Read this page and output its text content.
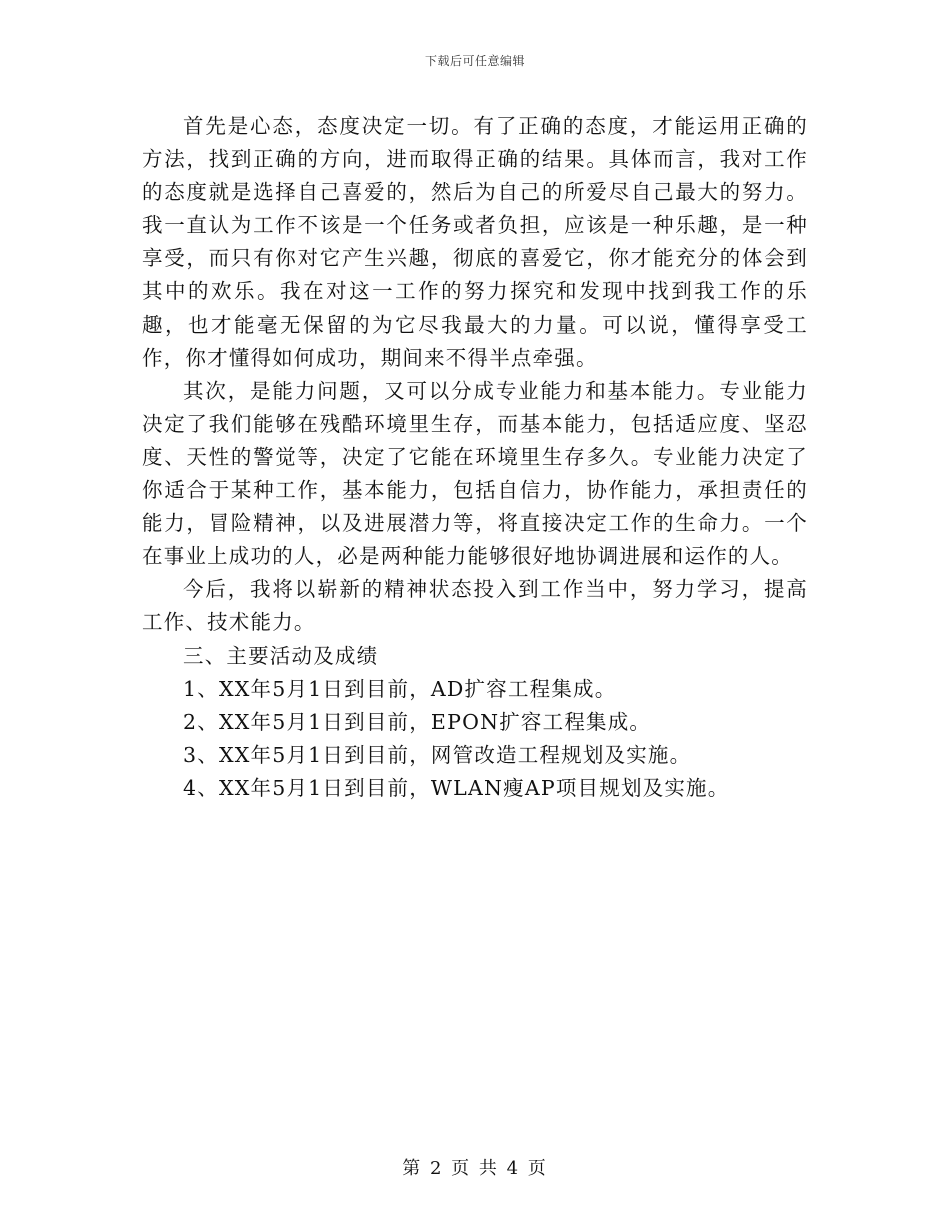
下载后可任意编辑

首先是心态，态度决定一切。有了正确的态度，才能运用正确的方法，找到正确的方向，进而取得正确的结果。具体而言，我对工作的态度就是选择自己喜爱的，然后为自己的所爱尽自己最大的努力。我一直认为工作不该是一个任务或者负担，应该是一种乐趣，是一种享受，而只有你对它产生兴趣，彻底的喜爱它，你才能充分的体会到其中的欢乐。我在对这一工作的努力探究和发现中找到我工作的乐趣，也才能毫无保留的为它尽我最大的力量。可以说，懂得享受工作，你才懂得如何成功，期间来不得半点牵强。

其次，是能力问题，又可以分成专业能力和基本能力。专业能力决定了我们能够在残酷环境里生存，而基本能力，包括适应度、坚忍度、天性的警觉等，决定了它能在环境里生存多久。专业能力决定了你适合于某种工作，基本能力，包括自信力，协作能力，承担责任的能力，冒险精神，以及进展潜力等，将直接决定工作的生命力。一个在事业上成功的人，必是两种能力能够很好地协调进展和运作的人。

今后，我将以崭新的精神状态投入到工作当中，努力学习，提高工作、技术能力。

三、主要活动及成绩

1、XX年5月1日到目前，AD扩容工程集成。

2、XX年5月1日到目前，EPON扩容工程集成。

3、XX年5月1日到目前，网管改造工程规划及实施。

4、XX年5月1日到目前，WLAN瘦AP项目规划及实施。

第 2 页 共 4 页
